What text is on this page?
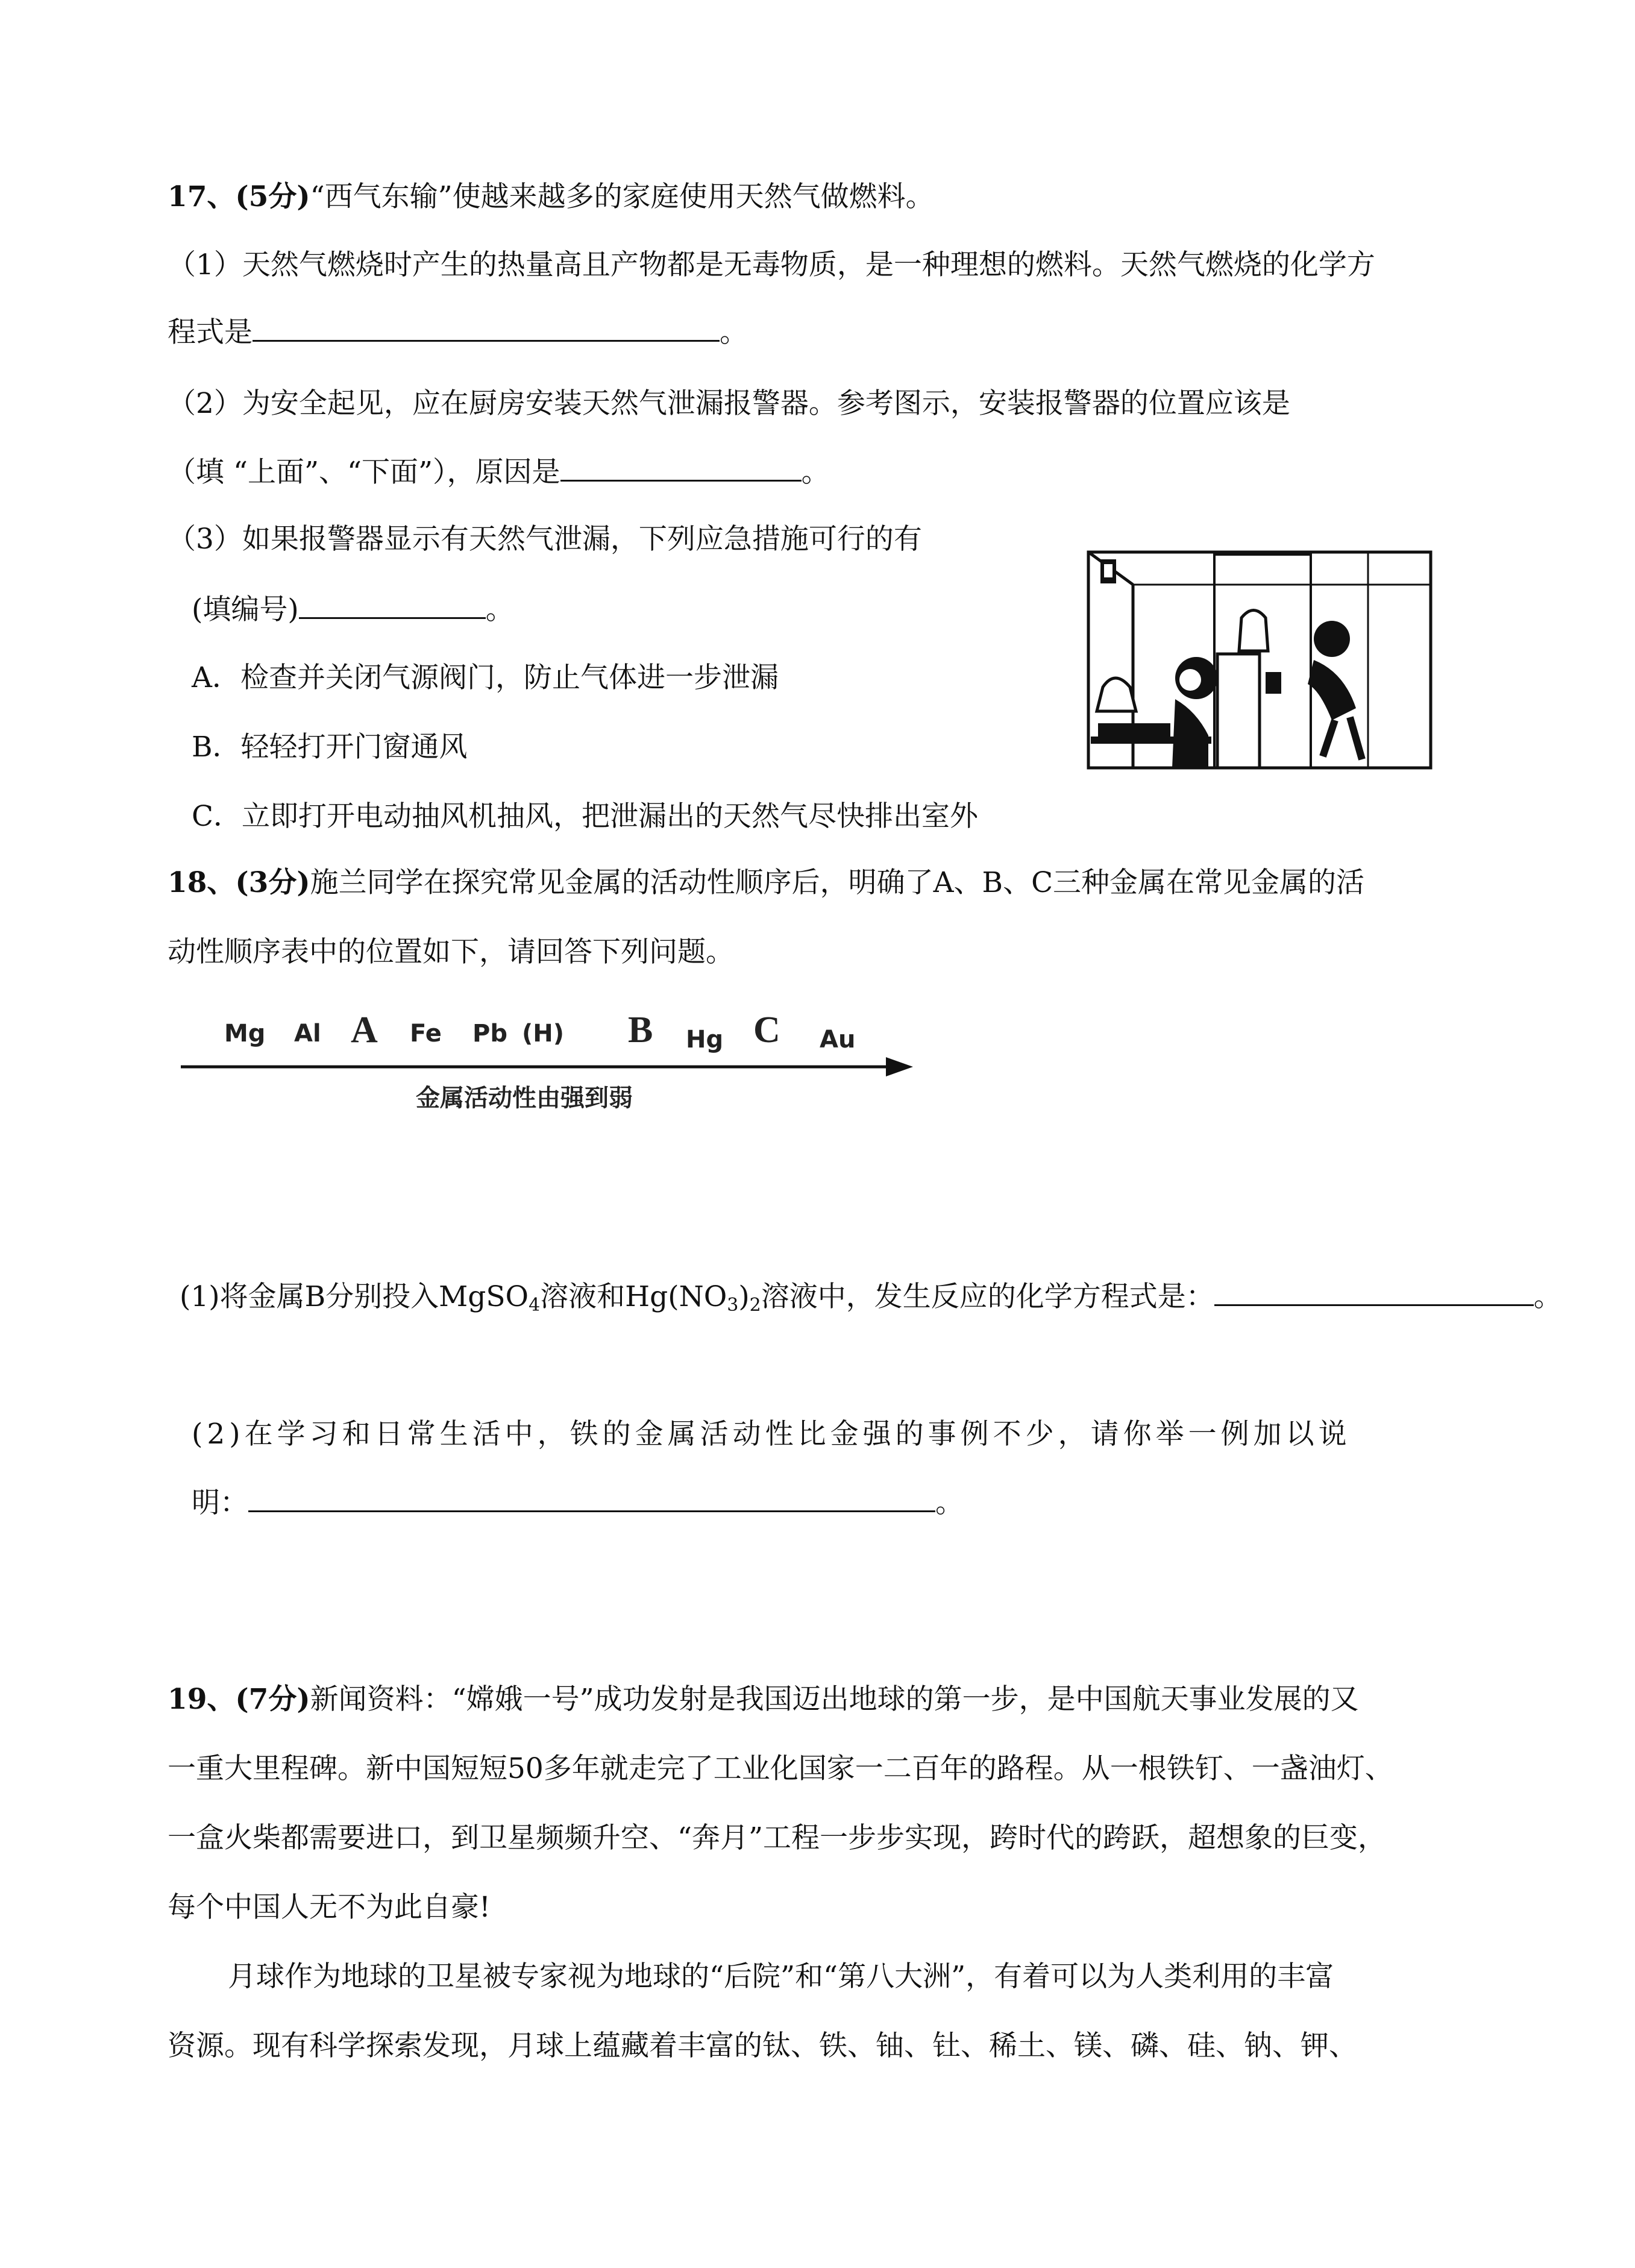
17、(5分)“西气东输”使越来越多的家庭使用天然气做燃料。
（1）天然气燃烧时产生的热量高且产物都是无毒物质，是一种理想的燃料。天然气燃烧的化学方
程式是	。
（2）为安全起见，应在厨房安装天然气泄漏报警器。参考图示，安装报警器的位置应该是
（填 “上面”、“下面”），原因是	。
（3）如果报警器显示有天然气泄漏，下列应急措施可行的有
(填编号)	。
A．检查并关闭气源阀门，防止气体进一步泄漏
B．轻轻打开门窗通风
C．立即打开电动抽风机抽风，把泄漏出的天然气尽快排出室外
18、(3分)施兰同学在探究常见金属的活动性顺序后，明确了A、B、C三种金属在常见金属的活
动性顺序表中的位置如下，请回答下列问题。
Mg Al A Fe Pb (H) B Hg C Au
金属活动性由强到弱
(1)将金属B分别投入MgSO$_4$溶液和$Hg(NO_3)_2$溶液中，发生反应的化学方程式是：	。
(2)在学习和日常生活中，铁的金属活动性比金强的事例不少，请你举一例加以说
明：	。
19、(7分)新闻资料：“嫦娥一号”成功发射是我国迈出地球的第一步，是中国航天事业发展的又
一重大里程碑。新中国短短50多年就走完了工业化国家一二百年的路程。从一根铁钉、一盏油灯、
一盒火柴都需要进口，到卫星频频升空、“奔月”工程一步步实现，跨时代的跨跃，超想象的巨变，
每个中国人无不为此自豪!
月球作为地球的卫星被专家视为地球的“后院”和“第八大洲”，有着可以为人类利用的丰富
资源。现有科学探索发现，月球上蕴藏着丰富的钛、铁、铀、钍、稀土、镁、磷、硅、钠、钾、
